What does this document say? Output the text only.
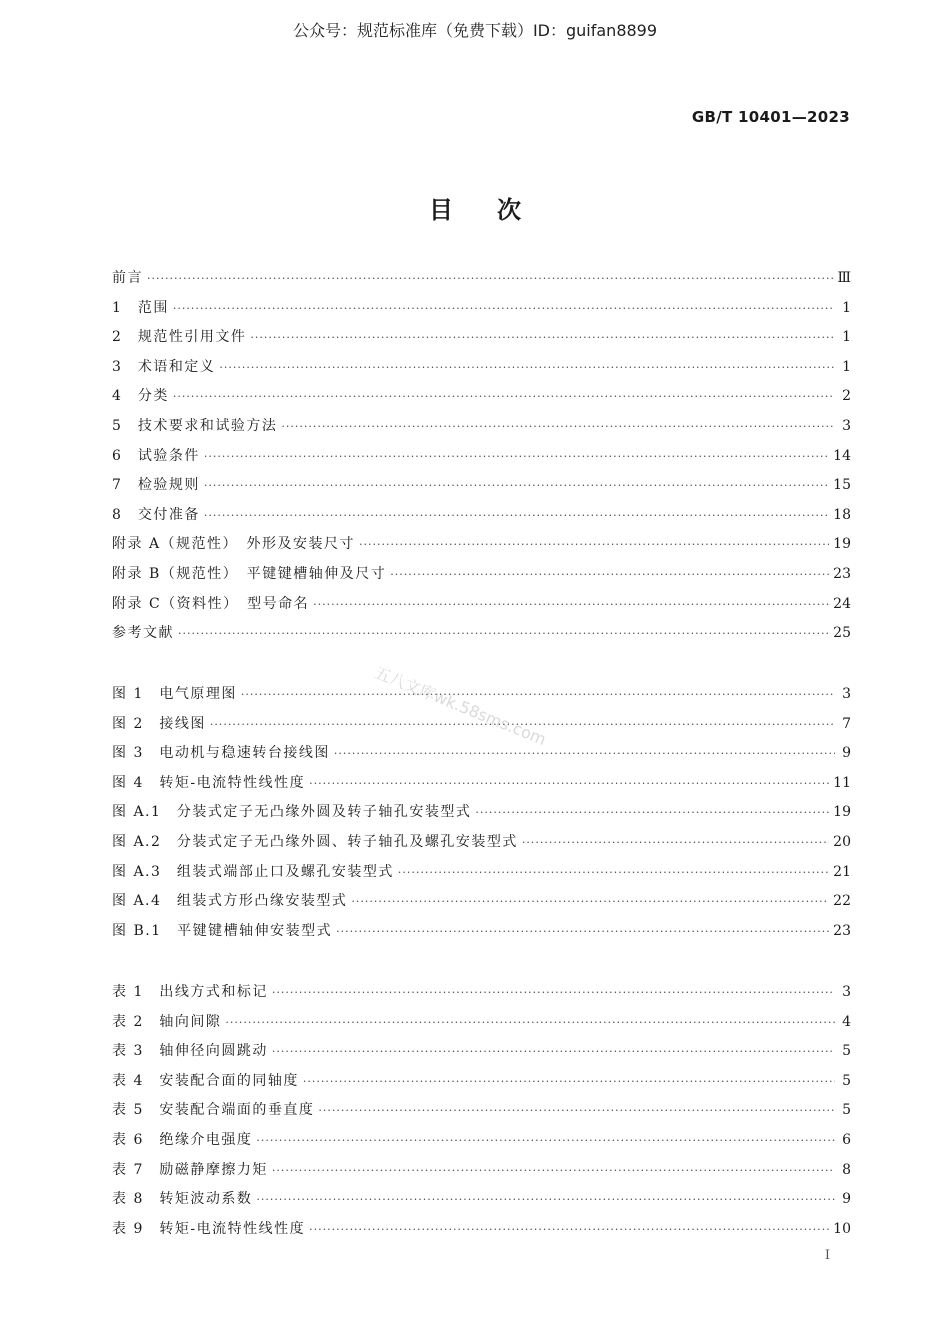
公众号：规范标准库（免费下载）ID：guifan8899
GB/T 10401—2023
目次
前言 ·····	Ⅲ
1　范围 ·····	1
2　规范性引用文件 ·····	1
3　术语和定义 ·····	1
4　分类 ·····	2
5　技术要求和试验方法 ·····	3
6　试验条件 ·····	14
7　检验规则 ·····	15
8　交付准备 ·····	18
附录 A（规范性）　外形及安装尺寸 ·····	19
附录 B（规范性）　平键键槽轴伸及尺寸 ·····	23
附录 C（资料性）　型号命名 ·····	24
参考文献 ·····	25
图 1　电气原理图 ·····	3
图 2　接线图 ·····	7
图 3　电动机与稳速转台接线图 ·····	9
图 4　转矩-电流特性线性度 ·····	11
图 A.1　分装式定子无凸缘外圆及转子轴孔安装型式 ·····	19
图 A.2　分装式定子无凸缘外圆、转子轴孔及螺孔安装型式 ·····	20
图 A.3　组装式端部止口及螺孔安装型式 ·····	21
图 A.4　组装式方形凸缘安装型式 ·····	22
图 B.1　平键键槽轴伸安装型式 ·····	23
表 1　出线方式和标记 ·····	3
表 2　轴向间隙 ·····	4
表 3　轴伸径向圆跳动 ·····	5
表 4　安装配合面的同轴度 ·····	5
表 5　安装配合端面的垂直度 ·····	5
表 6　绝缘介电强度 ·····	6
表 7　励磁静摩擦力矩 ·····	8
表 8　转矩波动系数 ·····	9
表 9　转矩-电流特性线性度 ·····	10
五八文库wk.58sms.com
I
